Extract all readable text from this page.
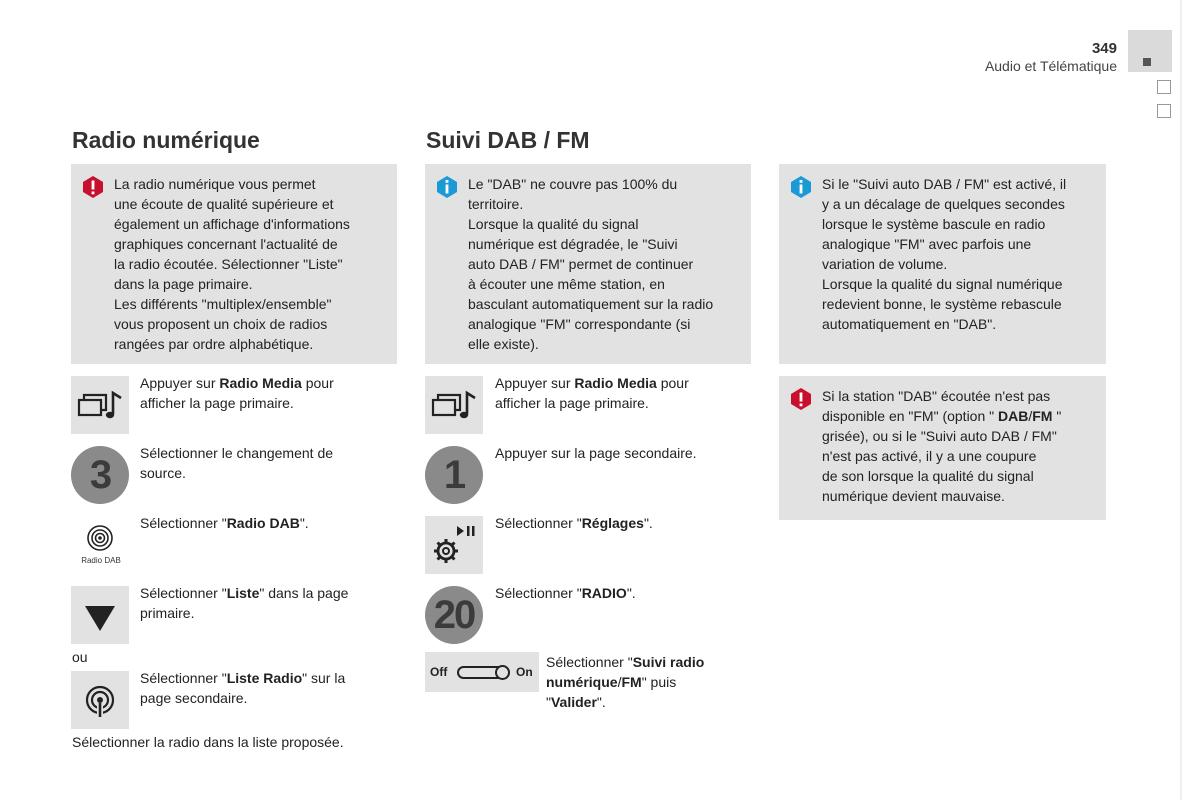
349
Audio et Télématique
Radio numérique

La radio numérique vous permet

une écoute de qualité supérieure et

également un affichage d'informations

graphiques concernant l'actualité de

la radio écoutée. Sélectionner "Liste"

dans la page primaire.

Les différents "multiplex/ensemble"

vous proposent un choix de radios

rangées par ordre alphabétique.

Appuyer sur Radio Media pour
afficher la page primaire.
3	Sélectionner le changement de
source.
Radio DAB
Sélectionner "Radio DAB".
Sélectionner "Liste" dans la page
primaire.
ou
Sélectionner "Liste Radio" sur la
page secondaire.
Sélectionner la radio dans la liste proposée.
Suivi DAB / FM

Le "DAB" ne couvre pas 100% du

territoire.

Lorsque la qualité du signal

numérique est dégradée, le "Suivi

auto DAB / FM" permet de continuer

à écouter une même station, en

basculant automatiquement sur la radio

analogique "FM" correspondante (si

elle existe).

Appuyer sur Radio Media pour
afficher la page primaire.
1	Appuyer sur la page secondaire.
Sélectionner "Réglages".
20	Sélectionner "RADIO".
Off	On
Sélectionner "Suivi radio
numérique/FM" puis
"Valider".

Si le "Suivi auto DAB / FM" est activé, il

y a un décalage de quelques secondes

lorsque le système bascule en radio

analogique "FM" avec parfois une

variation de volume.

Lorsque la qualité du signal numérique

redevient bonne, le système rebascule

automatiquement en "DAB".

Si la station "DAB" écoutée n'est pas

disponible en "FM" (option " DAB/FM "

grisée), ou si le "Suivi auto DAB / FM"

n'est pas activé, il y a une coupure

de son lorsque la qualité du signal

numérique devient mauvaise.
